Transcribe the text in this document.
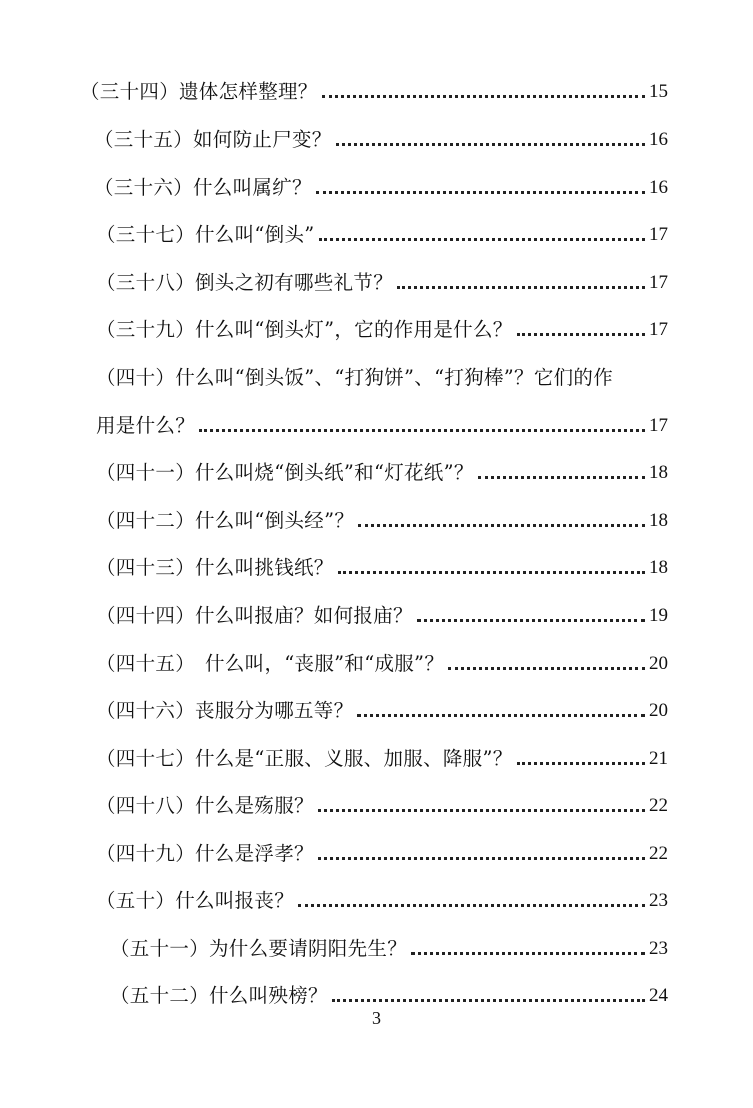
（三十四）遗体怎样整理？	15
（三十五）如何防止尸变？	16
（三十六）什么叫属纩？	16
（三十七）什么叫“倒头”	17
（三十八）倒头之初有哪些礼节？	17
（三十九）什么叫“倒头灯”，它的作用是什么？	17
（四十）什么叫“倒头饭”、“打狗饼”、“打狗棒”？它们的作
用是什么？	17
（四十一）什么叫烧“倒头纸”和“灯花纸”？	18
（四十二）什么叫“倒头经”？	18
（四十三）什么叫挑钱纸？	18
（四十四）什么叫报庙？如何报庙？	19
（四十五）　什么叫，“丧服”和“成服”？	20
（四十六）丧服分为哪五等？	20
（四十七）什么是“正服、义服、加服、降服”？	21
（四十八）什么是殇服？	22
（四十九）什么是浮孝？	22
（五十）什么叫报丧？	23
（五十一）为什么要请阴阳先生？	23
（五十二）什么叫殃榜？	24
3
